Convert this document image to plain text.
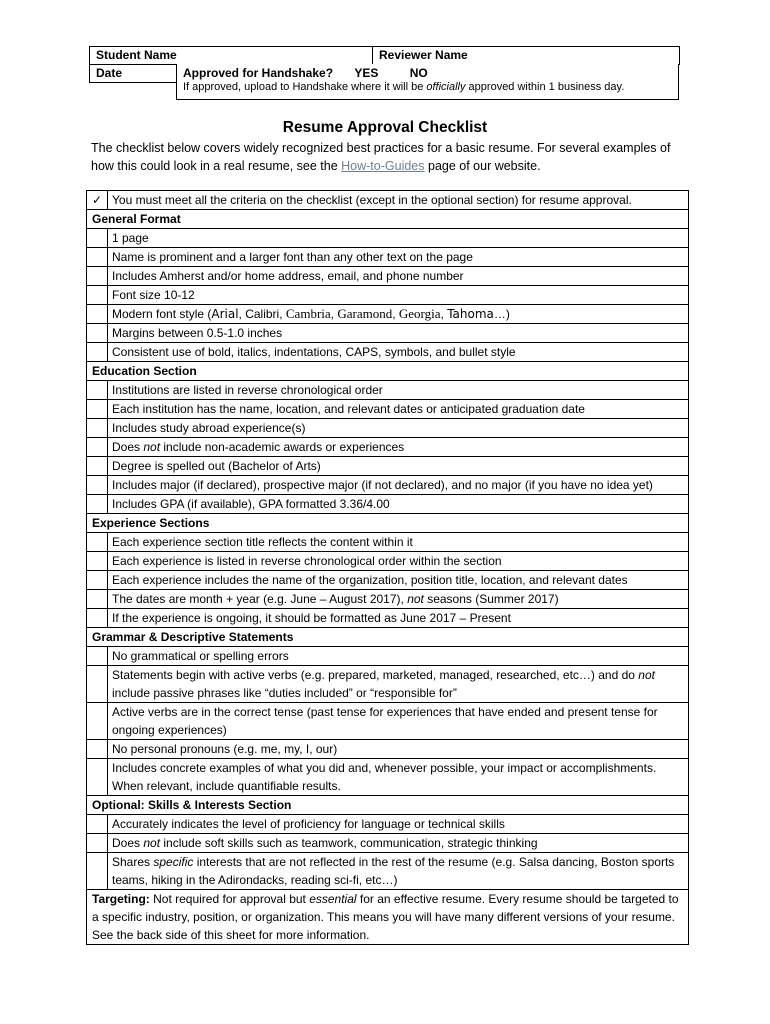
Student Name	Reviewer Name
Date		Approved for Handshake? YES	NO
If approved, upload to Handshake where it will be officially approved within 1 business day.
Resume Approval Checklist
The checklist below covers widely recognized best practices for a basic resume. For several examples of how this could look in a real resume, see the How-to-Guides page of our website.
✓	You must meet all the criteria on the checklist (except in the optional section) for resume approval.
General Format	
	1 page
	Name is prominent and a larger font than any other text on the page
	Includes Amherst and/or home address, email, and phone number
	Font size 10-12
	Modern font style (Arial, Calibri, Cambria, Garamond, Georgia, Tahoma…)
	Margins between 0.5-1.0 inches
	Consistent use of bold, italics, indentations, CAPS, symbols, and bullet style
Education Section	
	Institutions are listed in reverse chronological order
	Each institution has the name, location, and relevant dates or anticipated graduation date
	Includes study abroad experience(s)
	Does not include non-academic awards or experiences
	Degree is spelled out (Bachelor of Arts)
	Includes major (if declared), prospective major (if not declared), and no major (if you have no idea yet)
	Includes GPA (if available), GPA formatted 3.36/4.00
Experience Sections	
	Each experience section title reflects the content within it
	Each experience is listed in reverse chronological order within the section
	Each experience includes the name of the organization, position title, location, and relevant dates
	The dates are month + year (e.g. June – August 2017), not seasons (Summer 2017)
	If the experience is ongoing, it should be formatted as June 2017 – Present
Grammar & Descriptive Statements	
	No grammatical or spelling errors
	Statements begin with active verbs (e.g. prepared, marketed, managed, researched, etc…) and do not include passive phrases like “duties included” or “responsible for”
	Active verbs are in the correct tense (past tense for experiences that have ended and present tense for ongoing experiences)
	No personal pronouns (e.g. me, my, I, our)
	Includes concrete examples of what you did and, whenever possible, your impact or accomplishments. When relevant, include quantifiable results.
Optional: Skills & Interests Section	
	Accurately indicates the level of proficiency for language or technical skills
	Does not include soft skills such as teamwork, communication, strategic thinking
	Shares specific interests that are not reflected in the rest of the resume (e.g. Salsa dancing, Boston sports teams, hiking in the Adirondacks, reading sci-fi, etc…)
Targeting: Not required for approval but essential for an effective resume. Every resume should be targeted to a specific industry, position, or organization. This means you will have many different versions of your resume. See the back side of this sheet for more information.	
